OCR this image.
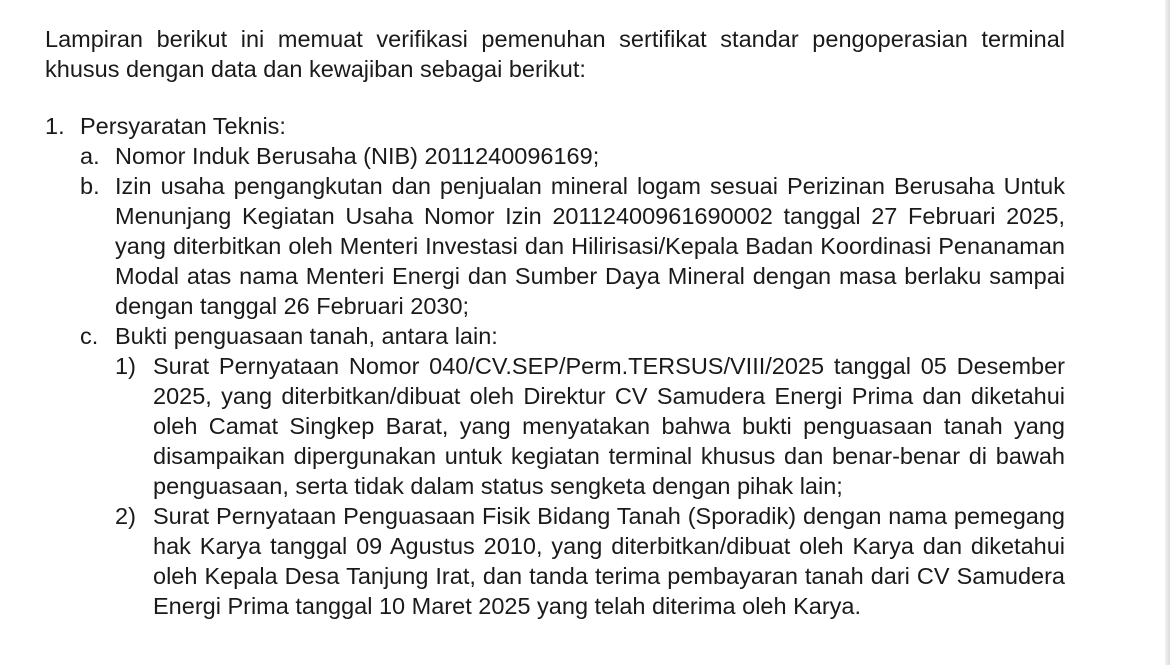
Lampiran berikut ini memuat verifikasi pemenuhan sertifikat standar pengoperasian terminal khusus dengan data dan kewajiban sebagai berikut:

1. Persyaratan Teknis:
a. Nomor Induk Berusaha (NIB) 2011240096169;
b. Izin usaha pengangkutan dan penjualan mineral logam sesuai Perizinan Berusaha Untuk Menunjang Kegiatan Usaha Nomor Izin 20112400961690002 tanggal 27 Februari 2025, yang diterbitkan oleh Menteri Investasi dan Hilirisasi/Kepala Badan Koordinasi Penanaman Modal atas nama Menteri Energi dan Sumber Daya Mineral dengan masa berlaku sampai dengan tanggal 26 Februari 2030;
c. Bukti penguasaan tanah, antara lain:
1) Surat Pernyataan Nomor 040/CV.SEP/Perm.TERSUS/VIII/2025 tanggal 05 Desember 2025, yang diterbitkan/dibuat oleh Direktur CV Samudera Energi Prima dan diketahui oleh Camat Singkep Barat, yang menyatakan bahwa bukti penguasaan tanah yang disampaikan dipergunakan untuk kegiatan terminal khusus dan benar-benar di bawah penguasaan, serta tidak dalam status sengketa dengan pihak lain;
2) Surat Pernyataan Penguasaan Fisik Bidang Tanah (Sporadik) dengan nama pemegang hak Karya tanggal 09 Agustus 2010, yang diterbitkan/dibuat oleh Karya dan diketahui oleh Kepala Desa Tanjung Irat, dan tanda terima pembayaran tanah dari CV Samudera Energi Prima tanggal 10 Maret 2025 yang telah diterima oleh Karya.
